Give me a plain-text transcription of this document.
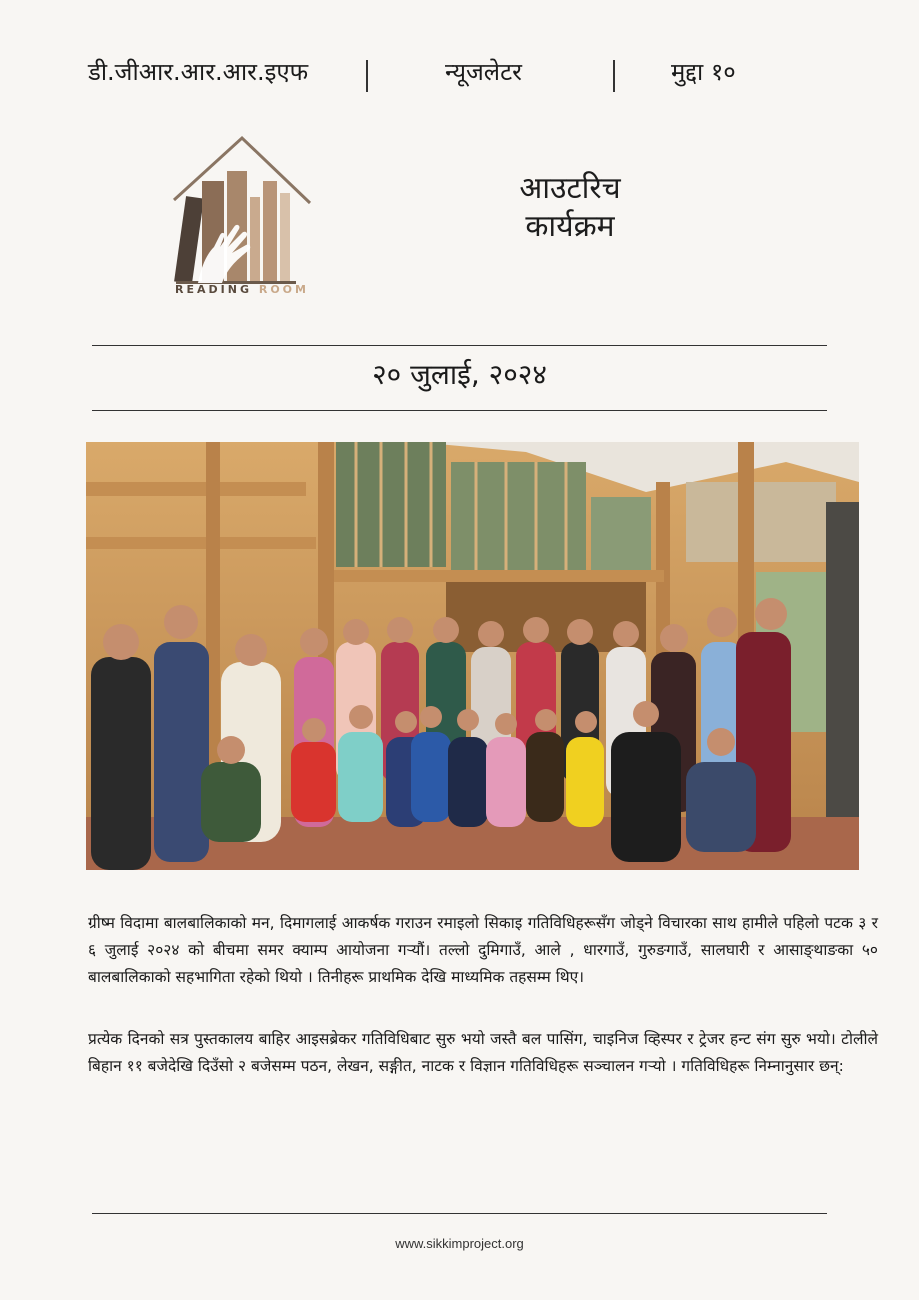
डी.जीआर.आर.आर.इएफ	न्यूजलेटर	मुद्दा १०
READING ROOM
आउटरिच
कार्यक्रम
२० जुलाई, २०२४

ग्रीष्म विदामा बालबालिकाको मन, दिमागलाई आकर्षक गराउन रमाइलो सिकाइ गतिविधिहरूसँग जोड्ने विचारका साथ हामीले पहिलो पटक ३ र ६ जुलाई २०२४ को बीचमा समर क्याम्प आयोजना गर्‍यौं। तल्लो दुमिगाउँ, आले , धारगाउँ, गुरुङगाउँ, सालघारी र आसाङ्थाङका ५० बालबालिकाको सहभागिता रहेको थियो । तिनीहरू प्राथमिक देखि माध्यमिक तहसम्म थिए।

प्रत्येक दिनको सत्र पुस्तकालय बाहिर आइसब्रेकर गतिविधिबाट सुरु भयो जस्तै बल पासिंग, चाइनिज व्हिस्पर र ट्रेजर हन्ट संग सुरु भयो। टोलीले बिहान ११ बजेदेखि दिउँसो २ बजेसम्म पठन, लेखन, सङ्गीत, नाटक र विज्ञान गतिविधिहरू सञ्चालन गर्‍यो । गतिविधिहरू निम्नानुसार छन्:

www.sikkimproject.org
